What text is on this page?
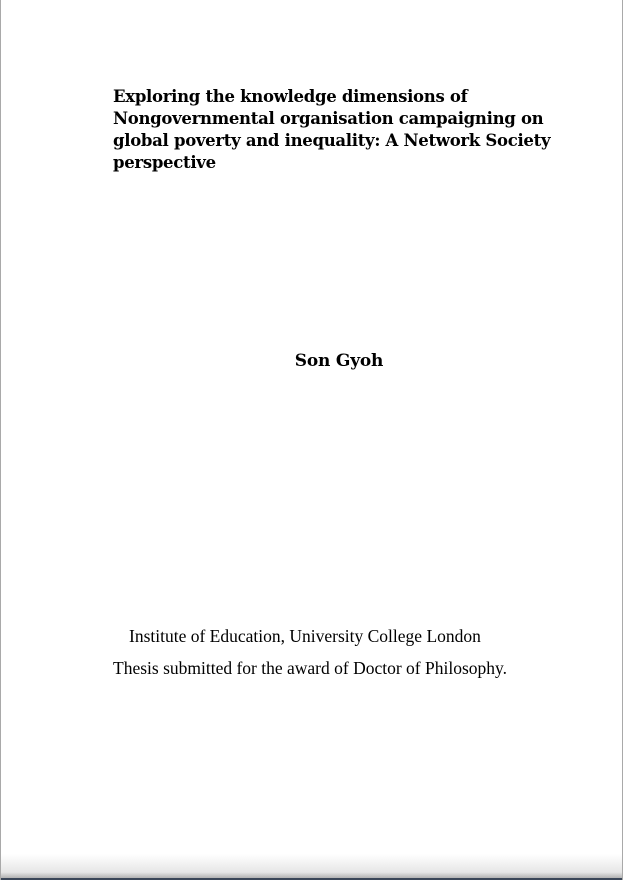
Exploring the knowledge dimensions of Nongovernmental organisation campaigning on global poverty and inequality: A Network Society perspective

Son Gyoh

Institute of Education, University College London

Thesis submitted for the award of Doctor of Philosophy.
